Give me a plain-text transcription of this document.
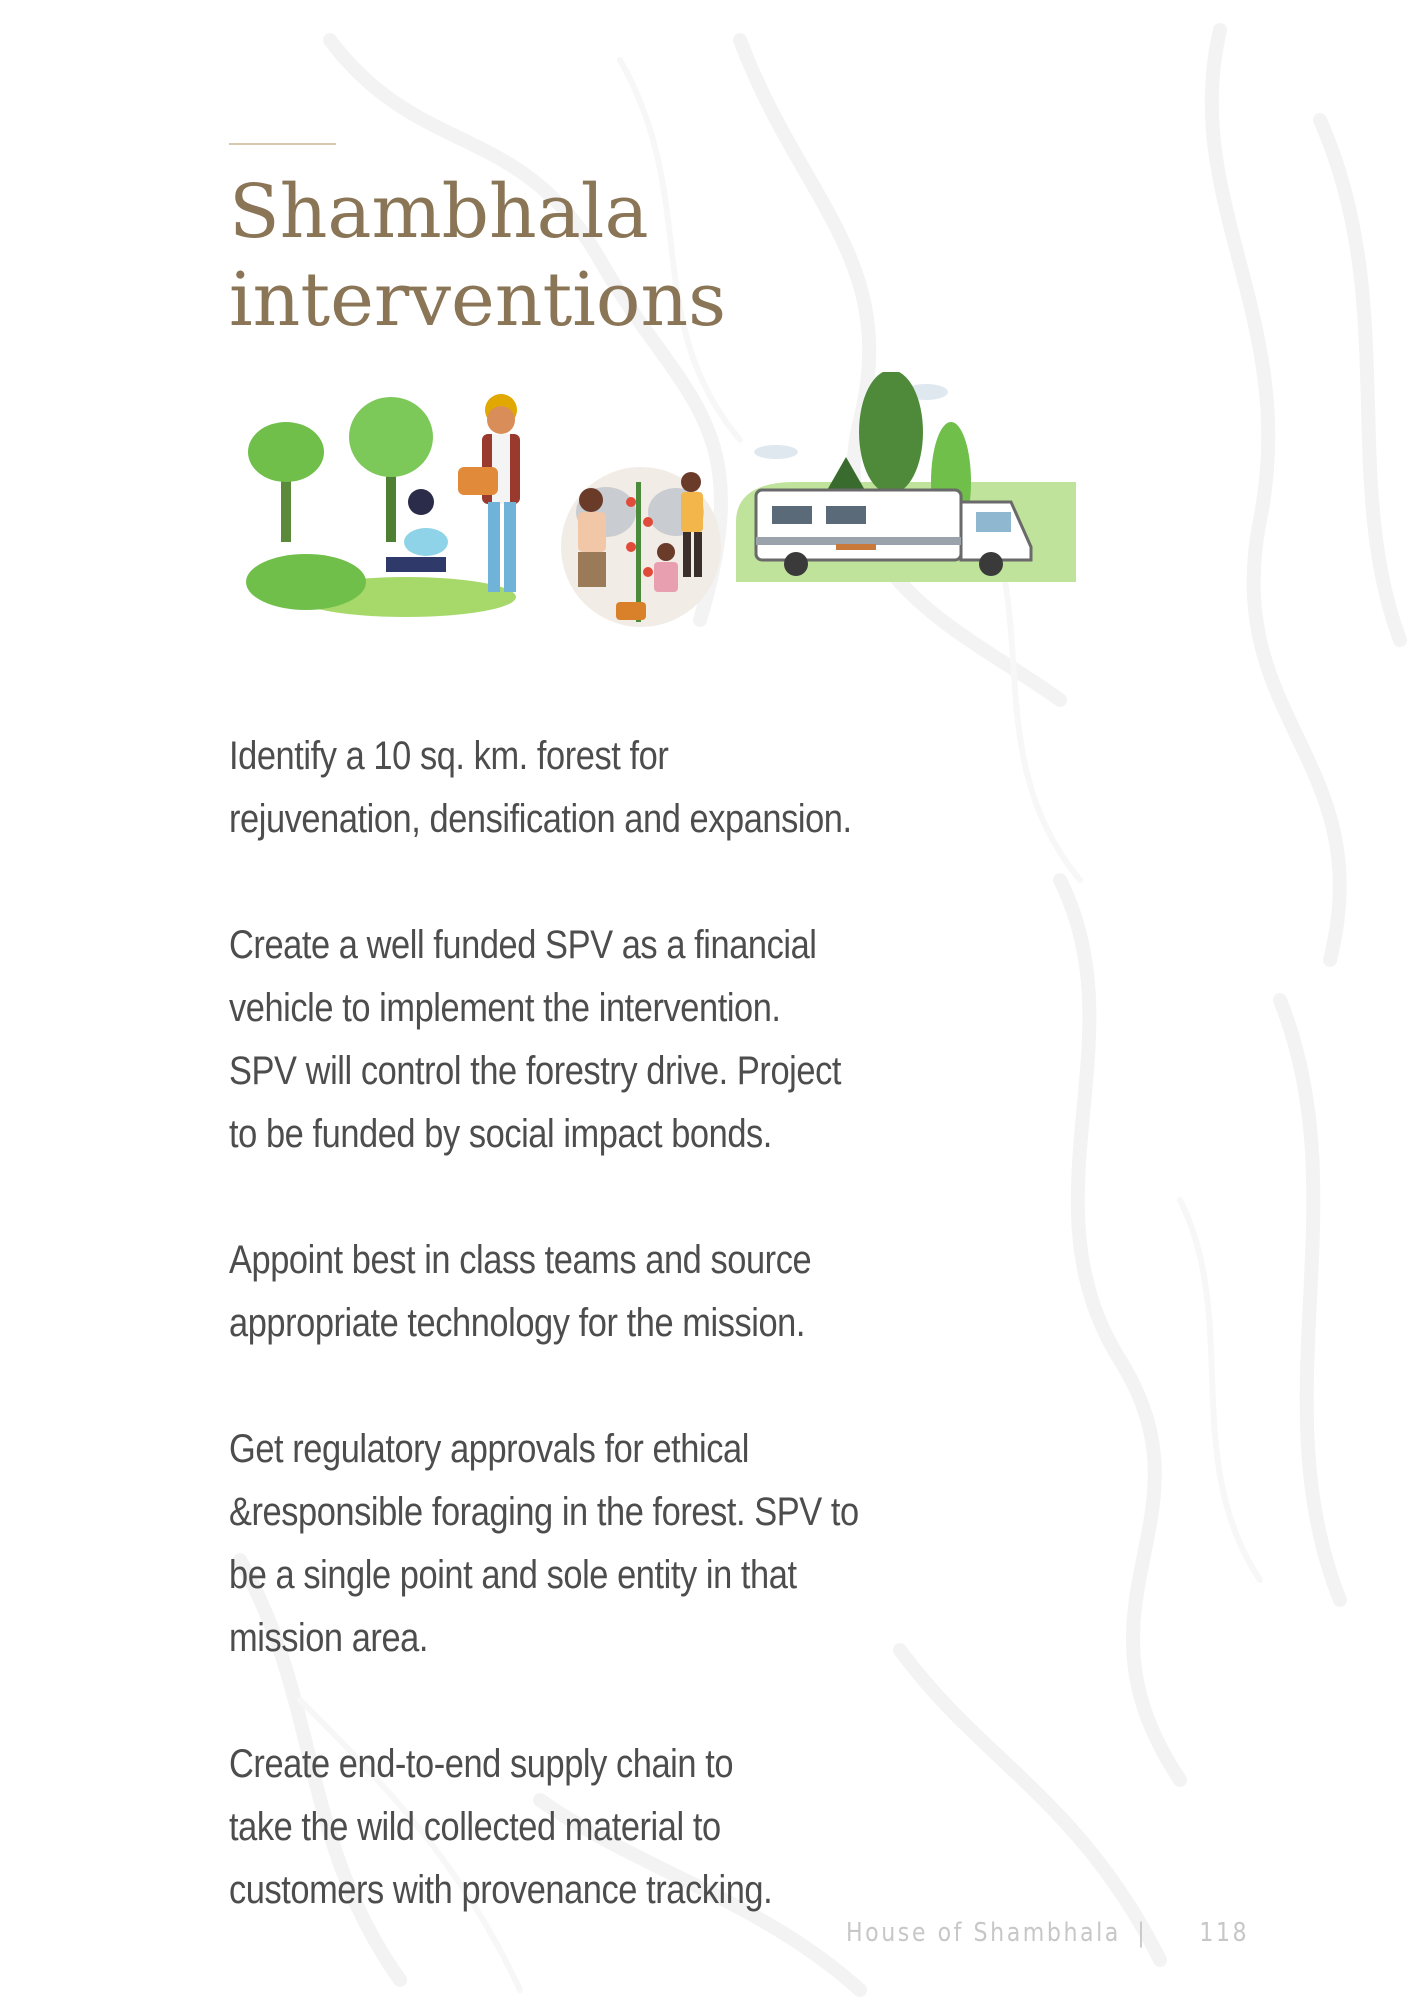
Shambhala
interventions

Identify a 10 sq. km. forest for
rejuvenation, densification and expansion.

Create a well funded SPV as a financial
vehicle to implement the intervention.
SPV will control the forestry drive. Project
to be funded by social impact bonds.

Appoint best in class teams and source
appropriate technology for the mission.

Get regulatory approvals for ethical
&responsible foraging in the forest. SPV to
be a single point and sole entity in that
mission area.

Create end-to-end supply chain to
take the wild collected material to
customers with provenance tracking.

House of Shambhala | 118
